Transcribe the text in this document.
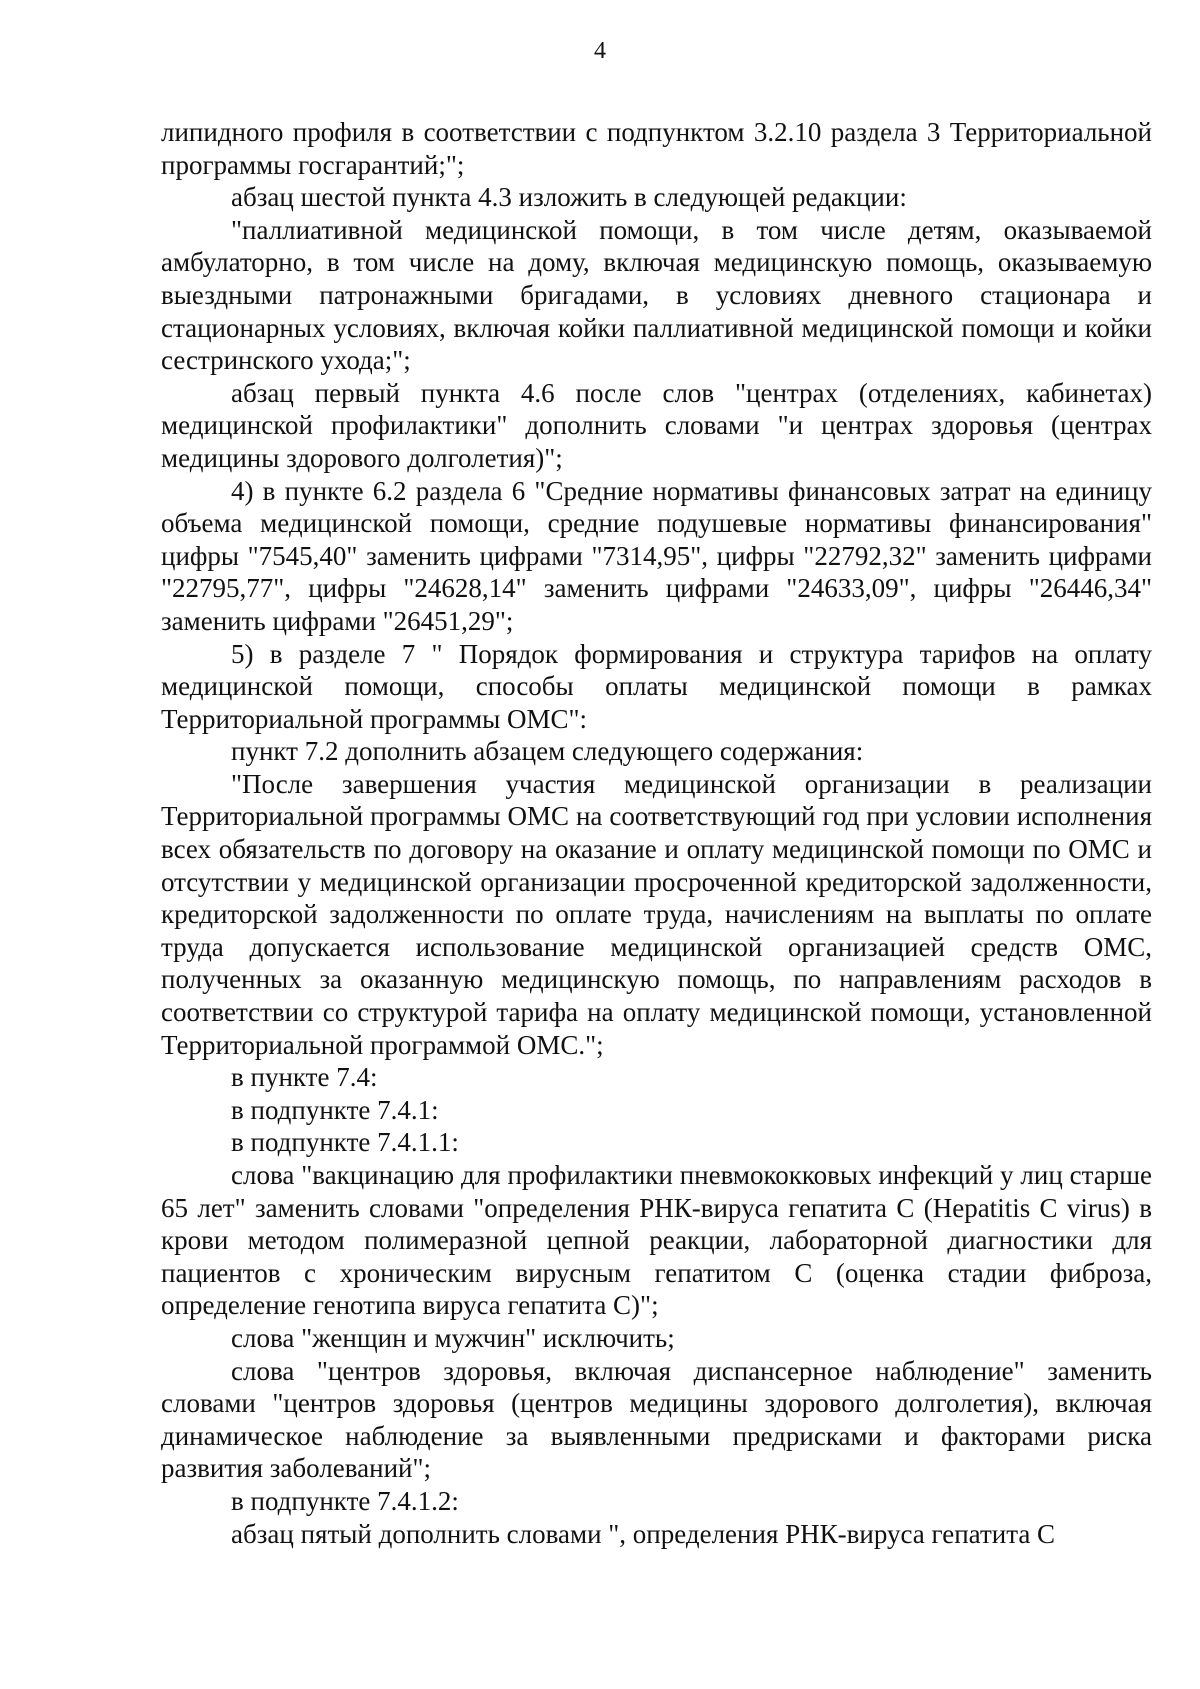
4

липидного профиля в соответствии с подпунктом 3.2.10 раздела 3 Территориальной программы госгарантий;";

абзац шестой пункта 4.3 изложить в следующей редакции:

"паллиативной медицинской помощи, в том числе детям, оказываемой амбулаторно, в том числе на дому, включая медицинскую помощь, оказываемую выездными патронажными бригадами, в условиях дневного стационара и стационарных условиях, включая койки паллиативной медицинской помощи и койки сестринского ухода;";

абзац первый пункта 4.6 после слов "центрах (отделениях, кабинетах) медицинской профилактики" дополнить словами "и центрах здоровья (центрах медицины здорового долголетия)";

4) в пункте 6.2 раздела 6 "Средние нормативы финансовых затрат на единицу объема медицинской помощи, средние подушевые нормативы финансирования" цифры "7545,40" заменить цифрами "7314,95", цифры "22792,32" заменить цифрами "22795,77", цифры "24628,14" заменить цифрами "24633,09", цифры "26446,34" заменить цифрами "26451,29";

5) в разделе 7 " Порядок формирования и структура тарифов на оплату медицинской помощи, способы оплаты медицинской помощи в рамках Территориальной программы ОМС":

пункт 7.2 дополнить абзацем следующего содержания:

"После завершения участия медицинской организации в реализации Территориальной программы ОМС на соответствующий год при условии исполнения всех обязательств по договору на оказание и оплату медицинской помощи по ОМС и отсутствии у медицинской организации просроченной кредиторской задолженности, кредиторской задолженности по оплате труда, начислениям на выплаты по оплате труда допускается использование медицинской организацией средств ОМС, полученных за оказанную медицинскую помощь, по направлениям расходов в соответствии со структурой тарифа на оплату медицинской помощи, установленной Территориальной программой ОМС.";

в пункте 7.4:

в подпункте 7.4.1:

в подпункте 7.4.1.1:

слова "вакцинацию для профилактики пневмококковых инфекций у лиц старше 65 лет" заменить словами "определения РНК-вируса гепатита C (Hepatitis C virus) в крови методом полимеразной цепной реакции, лабораторной диагностики для пациентов с хроническим вирусным гепатитом C (оценка стадии фиброза, определение генотипа вируса гепатита C)";

слова "женщин и мужчин" исключить;

слова "центров здоровья, включая диспансерное наблюдение" заменить словами "центров здоровья (центров медицины здорового долголетия), включая динамическое наблюдение за выявленными предрисками и факторами риска развития заболеваний";

в подпункте 7.4.1.2:

абзац пятый дополнить словами ", определения РНК-вируса гепатита C
